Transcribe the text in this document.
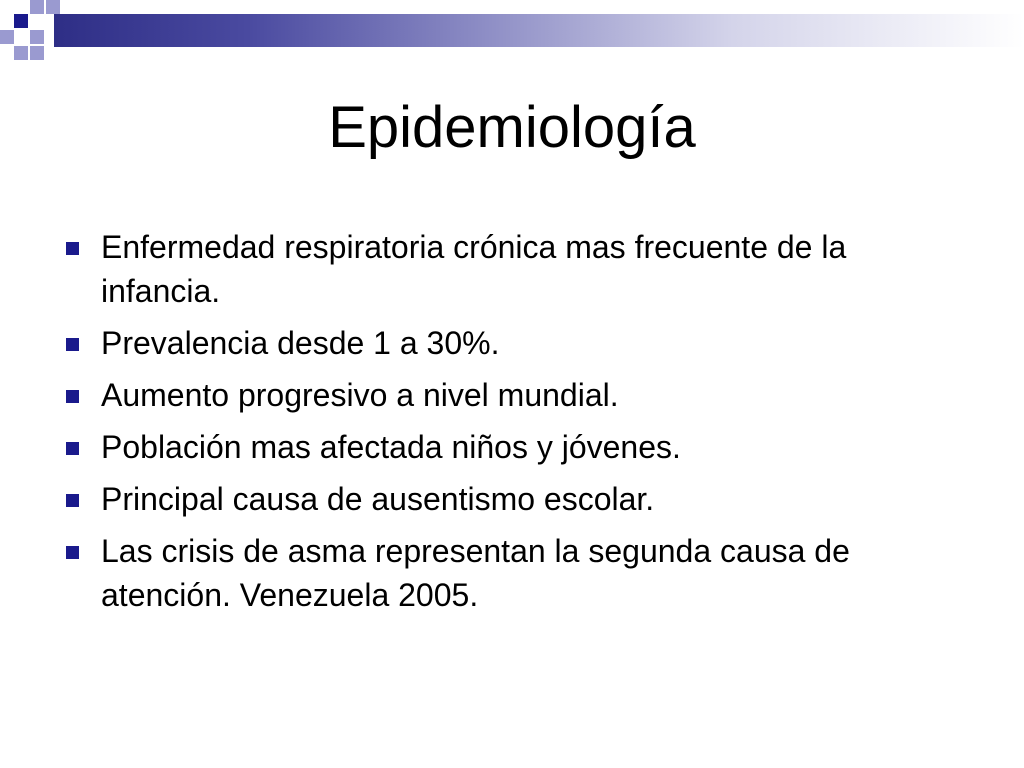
Epidemiología
Enfermedad respiratoria crónica mas frecuente de la infancia.
Prevalencia desde 1 a 30%.
Aumento progresivo a nivel mundial.
Población mas afectada niños y jóvenes.
Principal causa de ausentismo escolar.
Las crisis de asma representan la segunda causa de atención. Venezuela 2005.
